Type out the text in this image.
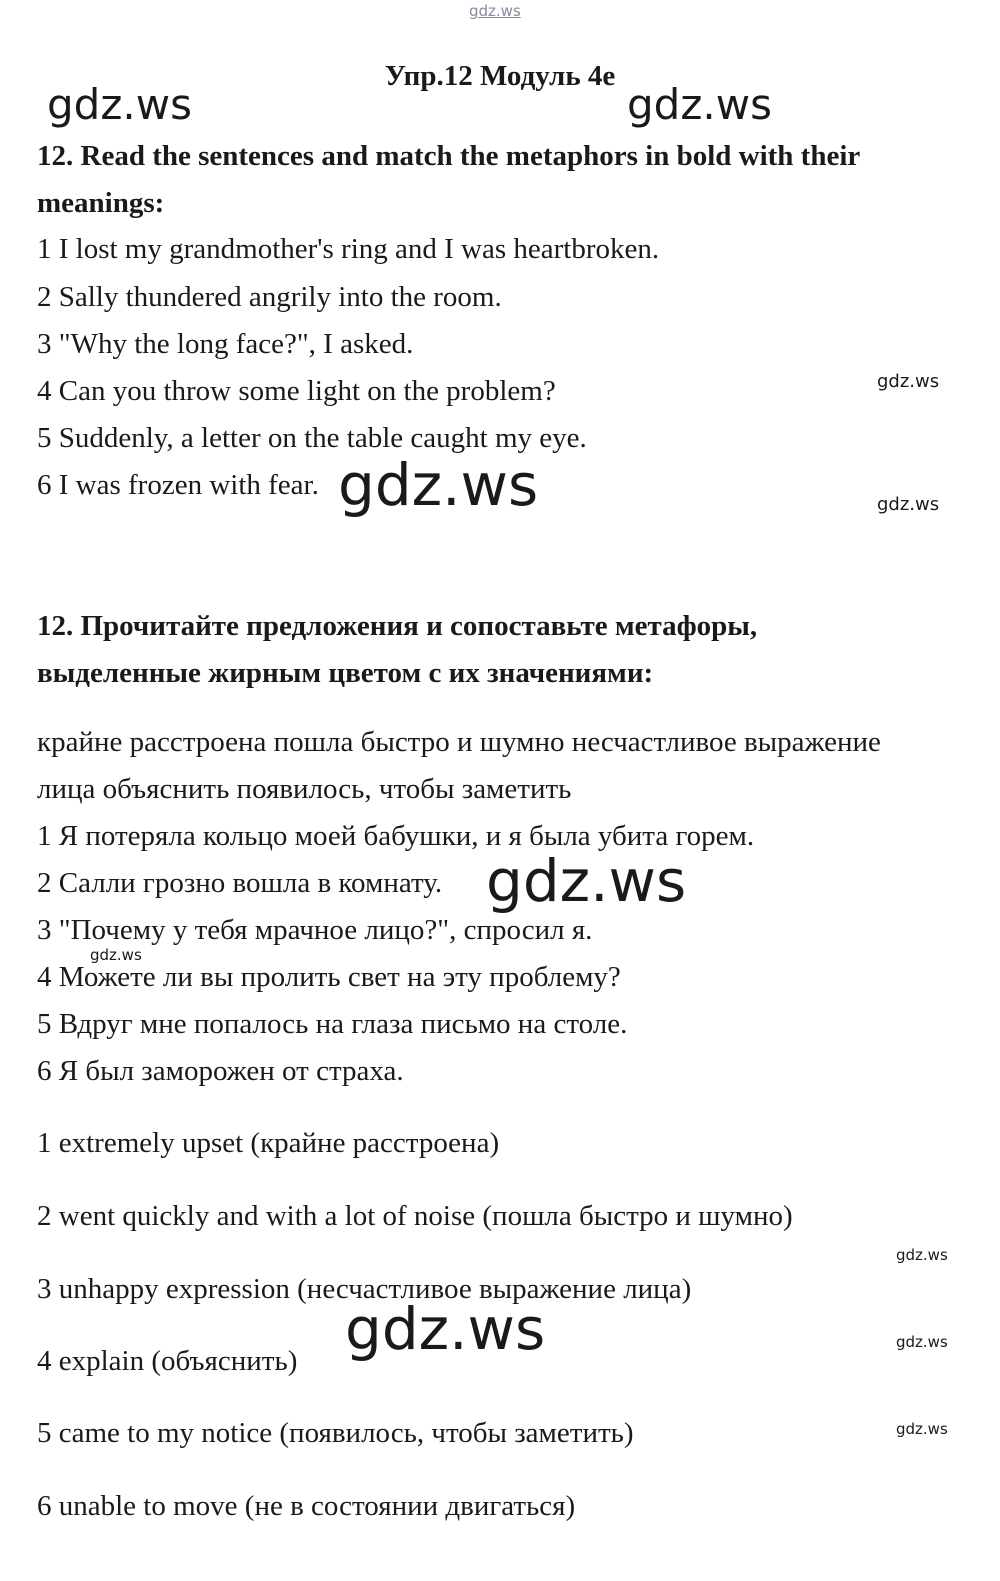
gdz.ws
gdz.ws	gdz.ws
gdz.ws
gdz.ws	gdz.ws
gdz.ws
gdz.ws
gdz.ws
gdz.ws	gdz.ws
gdz.ws
Упр.12 Модуль 4e
12. Read the sentences and match the metaphors in bold with their
meanings:
1 I lost my grandmother's ring and I was heartbroken.
2 Sally thundered angrily into the room.
3 "Why the long face?", I asked.
4 Can you throw some light on the problem?
5 Suddenly, a letter on the table caught my eye.
6 I was frozen with fear.
12. Прочитайте предложения и сопоставьте метафоры,
выделенные жирным цветом с их значениями:
крайне расстроена пошла быстро и шумно несчастливое выражение
лица объяснить появилось, чтобы заметить
1 Я потеряла кольцо моей бабушки, и я была убита горем.
2 Салли грозно вошла в комнату.
3 "Почему у тебя мрачное лицо?", спросил я.
4 Можете ли вы пролить свет на эту проблему?
5 Вдруг мне попалось на глаза письмо на столе.
6 Я был заморожен от страха.
1 extremely upset (крайне расстроена)
2 went quickly and with a lot of noise (пошла быстро и шумно)
3 unhappy expression (несчастливое выражение лица)
4 explain (объяснить)
5 came to my notice (появилось, чтобы заметить)
6 unable to move (не в состоянии двигаться)
